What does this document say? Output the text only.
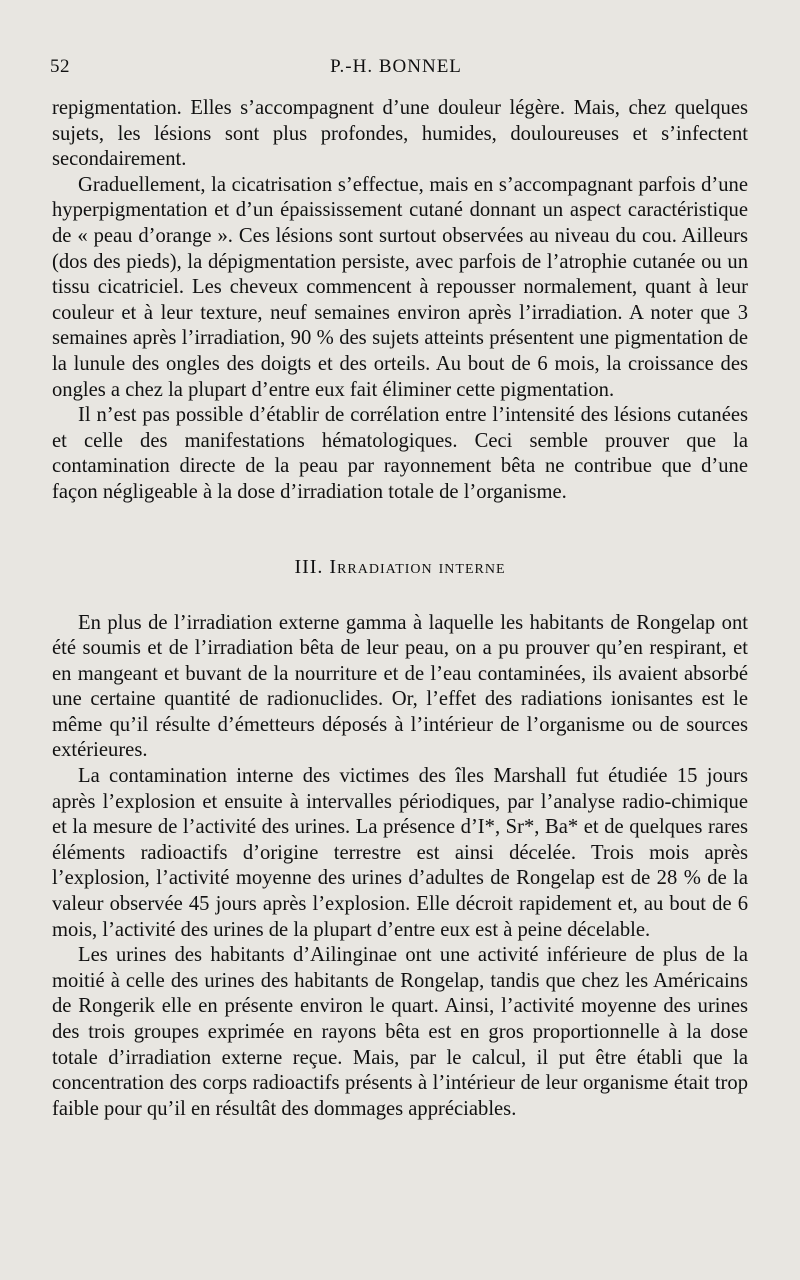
52	P.-H. BONNEL

repigmentation. Elles s’accompagnent d’une douleur légère. Mais, chez quelques sujets, les lésions sont plus profondes, humides, douloureuses et s’infectent secondairement.

Graduellement, la cicatrisation s’effectue, mais en s’accompagnant parfois d’une hyperpigmentation et d’un épaississement cutané donnant un aspect caractéristique de « peau d’orange ». Ces lésions sont surtout observées au niveau du cou. Ailleurs (dos des pieds), la dépigmentation persiste, avec parfois de l’atrophie cutanée ou un tissu cicatriciel. Les cheveux commencent à repousser normalement, quant à leur couleur et à leur texture, neuf semaines environ après l’irradiation. A noter que 3 semaines après l’irradiation, 90 % des sujets atteints présentent une pigmentation de la lunule des ongles des doigts et des orteils. Au bout de 6 mois, la croissance des ongles a chez la plupart d’entre eux fait éliminer cette pigmentation.

Il n’est pas possible d’établir de corrélation entre l’intensité des lésions cutanées et celle des manifestations hématologiques. Ceci semble prouver que la contamination directe de la peau par rayonnement bêta ne contribue que d’une façon négligeable à la dose d’irradiation totale de l’organisme.

III. Irradiation interne

En plus de l’irradiation externe gamma à laquelle les habitants de Rongelap ont été soumis et de l’irradiation bêta de leur peau, on a pu prouver qu’en respirant, et en mangeant et buvant de la nourriture et de l’eau contaminées, ils avaient absorbé une certaine quantité de radionuclides. Or, l’effet des radiations ionisantes est le même qu’il résulte d’émetteurs déposés à l’intérieur de l’organisme ou de sources extérieures.

La contamination interne des victimes des îles Marshall fut étudiée 15 jours après l’explosion et ensuite à intervalles périodiques, par l’analyse radio-chimique et la mesure de l’activité des urines. La présence d’I*, Sr*, Ba* et de quelques rares éléments radioactifs d’origine terrestre est ainsi décelée. Trois mois après l’explosion, l’activité moyenne des urines d’adultes de Rongelap est de 28 % de la valeur observée 45 jours après l’explosion. Elle décroit rapidement et, au bout de 6 mois, l’activité des urines de la plupart d’entre eux est à peine décelable.

Les urines des habitants d’Ailinginae ont une activité inférieure de plus de la moitié à celle des urines des habitants de Rongelap, tandis que chez les Américains de Rongerik elle en présente environ le quart. Ainsi, l’activité moyenne des urines des trois groupes exprimée en rayons bêta est en gros proportionnelle à la dose totale d’irradiation externe reçue. Mais, par le calcul, il put être établi que la concentration des corps radioactifs présents à l’intérieur de leur organisme était trop faible pour qu’il en résultât des dommages appréciables.
